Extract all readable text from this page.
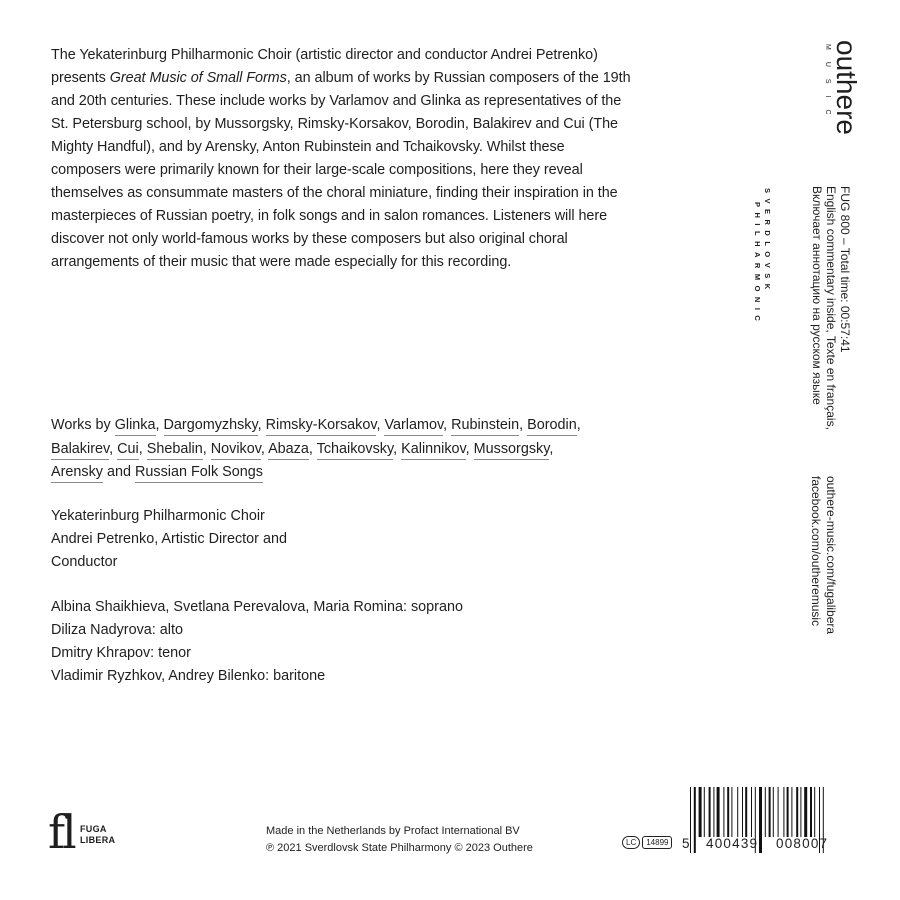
The Yekaterinburg Philharmonic Choir (artistic director and conductor Andrei Petrenko) presents Great Music of Small Forms, an album of works by Russian composers of the 19th and 20th centuries. These include works by Varlamov and Glinka as representatives of the St. Petersburg school, by Mussorgsky, Rimsky-Korsakov, Borodin, Balakirev and Cui (The Mighty Handful), and by Arensky, Anton Rubinstein and Tchaikovsky. Whilst these composers were primarily known for their large-scale compositions, here they reveal themselves as consummate masters of the choral miniature, finding their inspiration in the masterpieces of Russian poetry, in folk songs and in salon romances. Listeners will here discover not only world-famous works by these composers but also original choral arrangements of their music that were made especially for this recording.

Works by Glinka, Dargomyzhsky, Rimsky-Korsakov, Varlamov, Rubinstein, Borodin, Balakirev, Cui, Shebalin, Novikov, Abaza, Tchaikovsky, Kalinnikov, Mussorgsky, Arensky and Russian Folk Songs

Yekaterinburg Philharmonic Choir
Andrei Petrenko, Artistic Director and
Conductor
Albina Shaikhieva, Svetlana Perevalova, Maria Romina: soprano
Diliza Nadyrova: alto
Dmitry Khrapov: tenor
Vladimir Ryzhkov, Andrey Bilenko: baritone
outhere
MUSIC
FUG 800 – Total time: 00:57:41
English commentary inside, Texte en français,
Включает аннотацию на русском языке
SVERDLOVSK
PHILHARMONIC
outhere-music.com/fugalibera
facebook.com/outheremusic
f
l FUGA
LIBERA
Made in the Netherlands by Profact International BV
℗ 2021 Sverdlovsk State Philharmony © 2023 Outhere	LC	14899 5 400439 008007
